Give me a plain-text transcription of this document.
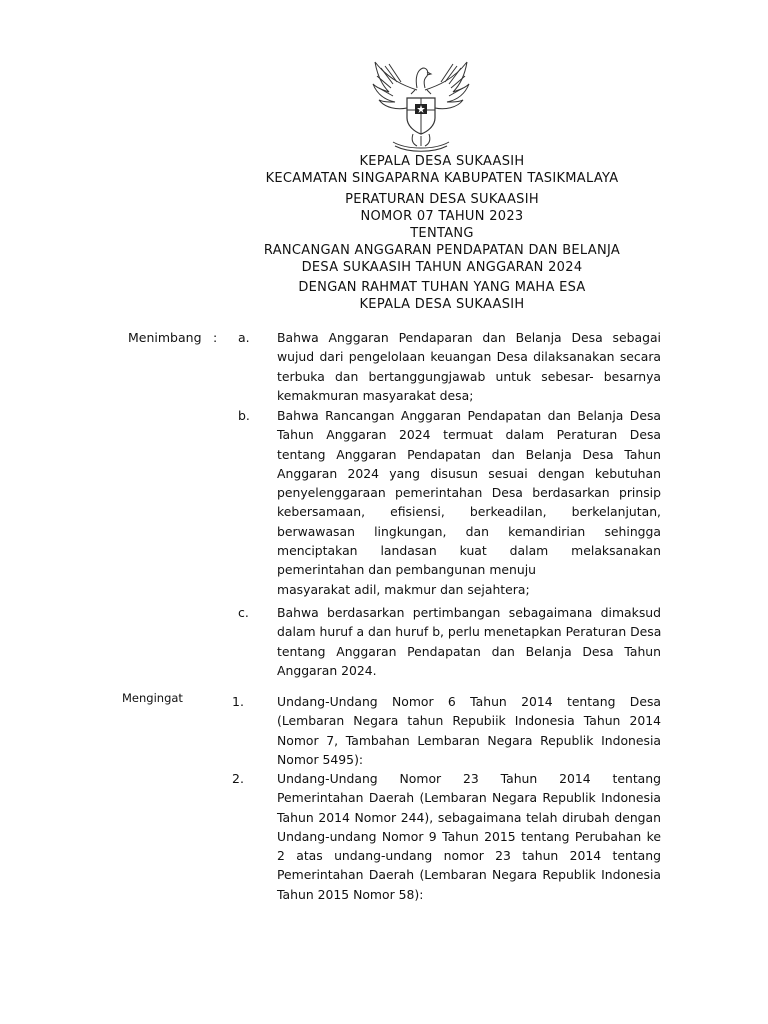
KEPALA DESA SUKAASIH
KECAMATAN SINGAPARNA KABUPATEN TASIKMALAYA
PERATURAN DESA SUKAASIH
NOMOR 07 TAHUN 2023
TENTANG
RANCANGAN ANGGARAN PENDAPATAN DAN BELANJA
DESA SUKAASIH TAHUN ANGGARAN 2024
DENGAN RAHMAT TUHAN YANG MAHA ESA
KEPALA DESA SUKAASIH
Menimbang : a. Bahwa Anggaran Pendaparan dan Belanja Desa sebagai
wujud dari pengelolaan keuangan Desa dilaksanakan secara
terbuka dan bertanggungjawab untuk sebesar- besarnya
kemakmuran masyarakat desa;
b. Bahwa Rancangan Anggaran Pendapatan dan Belanja Desa
Tahun Anggaran 2024 termuat dalam Peraturan Desa
tentang Anggaran Pendapatan dan Belanja Desa Tahun
Anggaran 2024 yang disusun sesuai dengan kebutuhan
penyelenggaraan pemerintahan Desa berdasarkan prinsip
kebersamaan, efisiensi, berkeadilan, berkelanjutan,
berwawasan lingkungan, dan kemandirian sehingga
menciptakan landasan kuat dalam melaksanakan
pemerintahan dan pembangunan menuju
masyarakat adil, makmur dan sejahtera;
c. Bahwa berdasarkan pertimbangan sebagaimana dimaksud
dalam huruf a dan huruf b, perlu menetapkan Peraturan Desa
tentang Anggaran Pendapatan dan Belanja Desa Tahun
Anggaran 2024.
Mengingat	1.	Undang-Undang Nomor 6 Tahun 2014 tentang Desa
(Lembaran Negara tahun Repubiik Indonesia Tahun 2014
Nomor 7, Tambahan Lembaran Negara Republik Indonesia
Nomor 5495):
2.	Undang-Undang Nomor 23 Tahun 2014 tentang
Pemerintahan Daerah (Lembaran Negara Republik Indonesia
Tahun 2014 Nomor 244), sebagaimana telah dirubah dengan
Undang-undang Nomor 9 Tahun 2015 tentang Perubahan ke
2 atas undang-undang nomor 23 tahun 2014 tentang
Pemerintahan Daerah (Lembaran Negara Republik Indonesia
Tahun 2015 Nomor 58):
